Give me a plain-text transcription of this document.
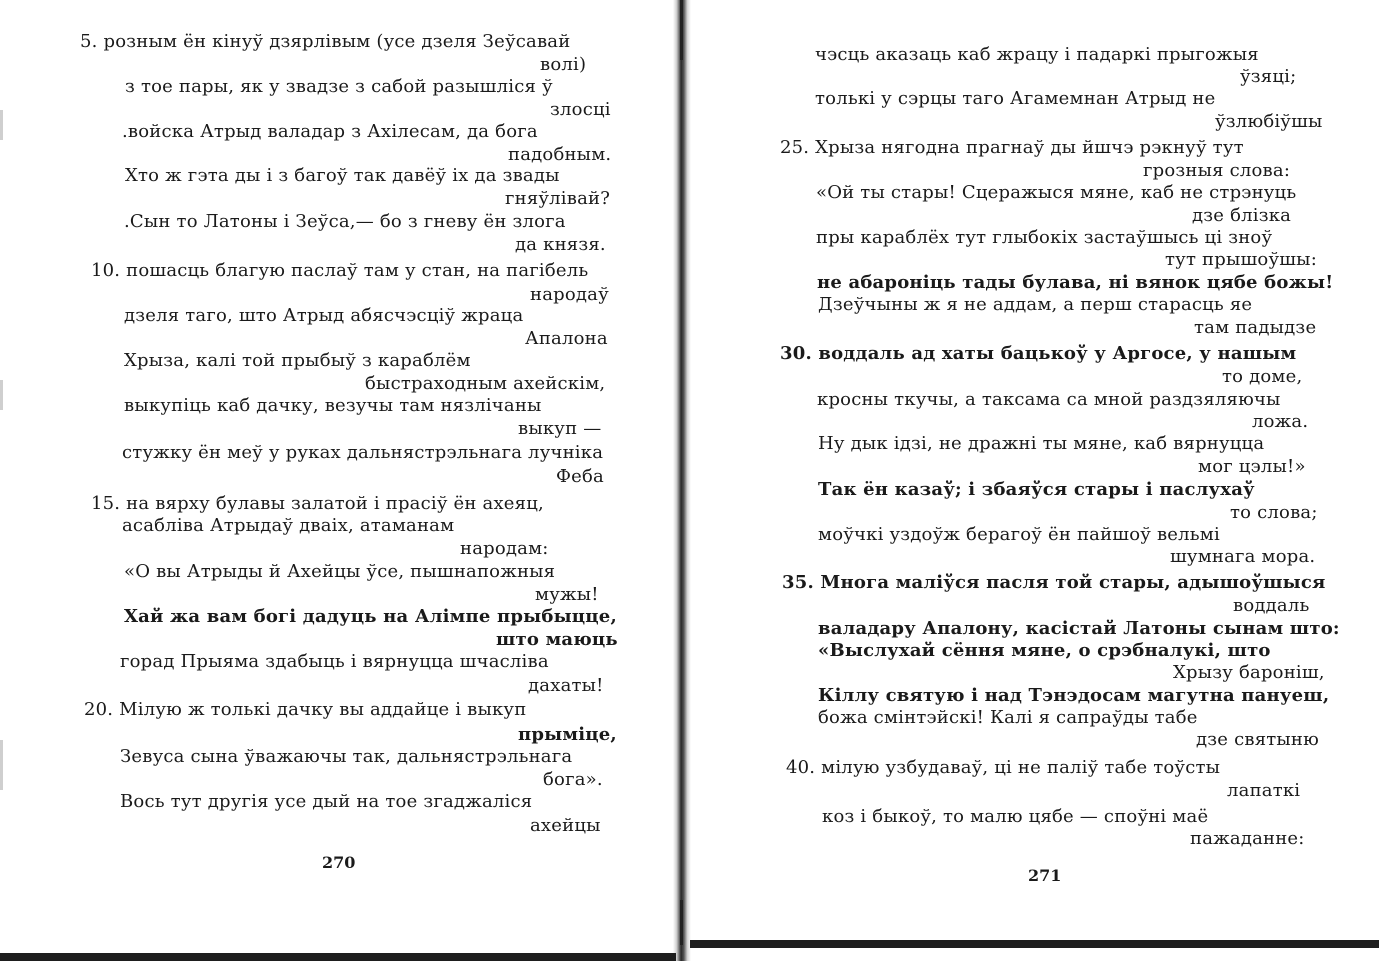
5. розным ён кінуў дзярлівым (усе дзеля Зеўсавай
волі)
з тое пары, як у звадзе з сабой разышліся ў
злосці
.войска Атрыд валадар з Ахілесам, да бога
падобным.
Хто ж гэта ды і з багоў так давёў іх да звады
гняўлівай?
.Сын то Латоны і Зеўса,— бо з гневу ён злога
да князя.
10. пошасць благую паслаў там у стан, на пагібель
народаў
дзеля таго, што Атрыд абясчэсціў жраца
Апалона
Хрыза, калі той прыбыў з караблём
быстраходным ахейскім,
выкупіць каб дачку, везучы там нязлічаны
выкуп —
стужку ён меў у руках дальнястрэльнага лучніка
Феба
15. на вярху булавы залатой і прасіў ён ахеяц,
асаблiва Атрыдаў дваіх, атаманам
народам:
«О вы Атрыды й Ахейцы ўсе, пышнапожныя
мужы!
Хай жа вам богі дадуць на Алімпе прыбыцце,
што маюць
горад Прыяма здабыць і вярнуцца шчаслівa
дахаты!
20. Мілую ж толькі дачку вы аддайце і выкуп
прыміце,
Зевуса сына ўважаючы так, дальнястрэльнага
бога».
Вось тут другія усе дый на тое згаджаліся
ахейцы
270
чэсць аказаць каб жрацу і падаркі прыгожыя
ўзяці;
толькі у сэрцы таго Агамемнан Атрыд не
ўзлюбіўшы
25. Хрыза нягодна прагнаў ды йшчэ рэкнуў тут
грозныя слова:
«Ой ты стары! Сцеражыся мяне, каб не стрэнуць
дзе блізка
пры караблёх тут глыбокіх застаўшысь ці зноў
тут прышоўшы:
не абароніць тады булава, ні вянок цябе божы!
Дзеўчыны ж я не аддам, а перш старасць яе
там падыдзе
30. воддаль ад хаты бацькоў у Аргосе, у нашым
то доме,
кросны ткучы, а таксама са мной раздзяляючы
ложа.
Ну дык ідзі, не дражні ты мяне, каб вярнуцца
мог цэлы!»
Так ён казаў; і збаяўся стары і паслухаў
то слова;
моўчкі уздоўж берагоў ён пайшоў вельмі
шумнага мора.
35. Многа маліўся пасля той стары, адышоўшыся
воддаль
валадару Апалону, касістай Латоны сынам што:
«Выслухай сёння мяне, о срэбналукі, што
Хрызу бароніш,
Кіллу святую і над Тэнэдосам магутна пануеш,
божа смінтэйскі! Калі я сапраўды табе
дзе святыню
40. мілую узбудаваў, ці не паліў табе тоўсты
лапаткі
коз і быкоў, то малю цябе — споўні маё
пажаданне:
271
